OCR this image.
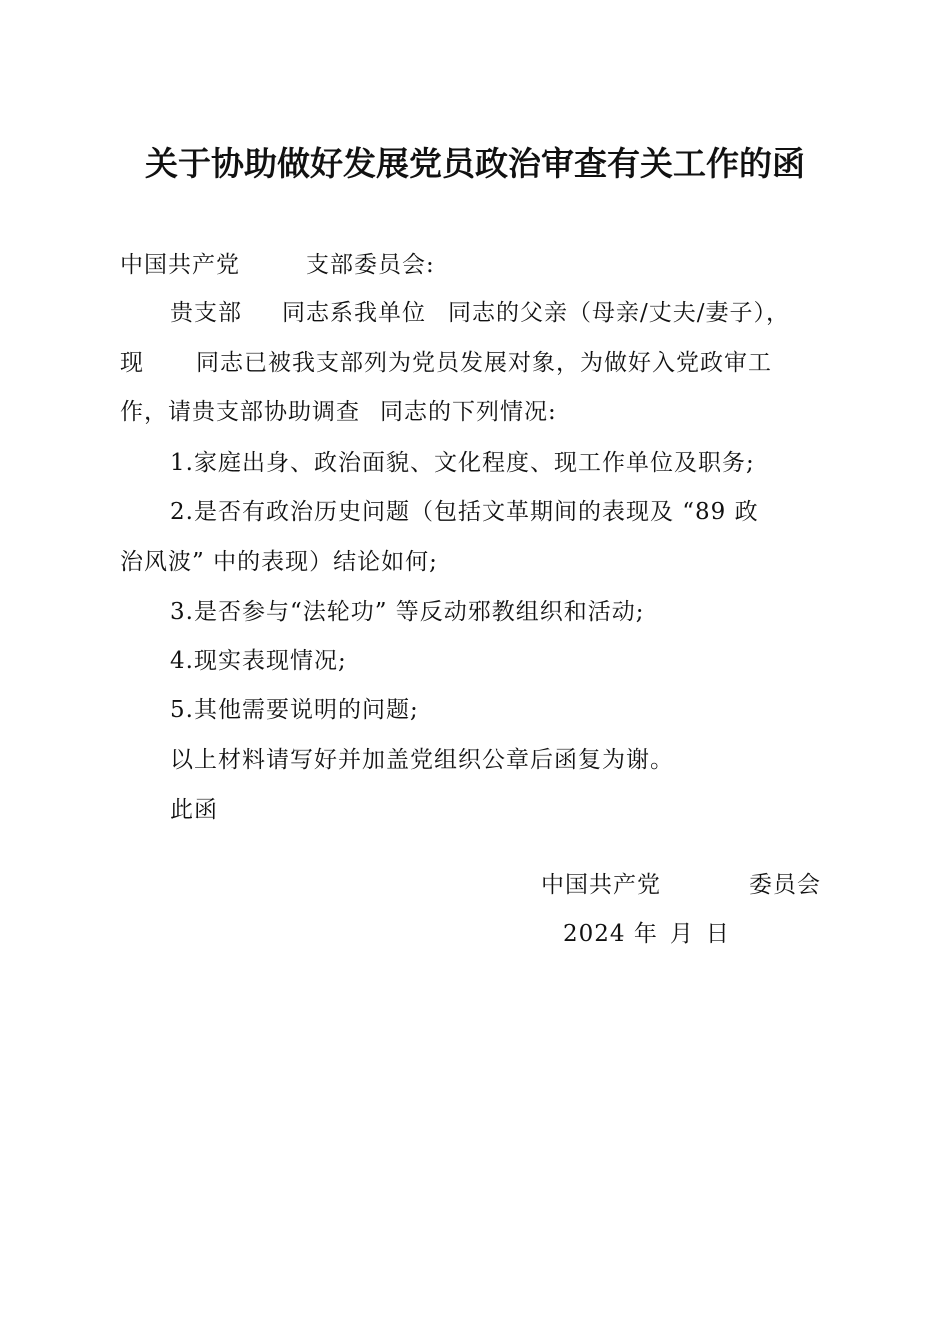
关于协助做好发展党员政治审查有关工作的函
中国共产党	支部委员会:
贵支部 同志系我单位 同志的父亲（母亲/丈夫/妻子），
现 同志已被我支部列为党员发展对象，为做好入党政审工
作，请贵支部协助调查 同志的下列情况:
1.家庭出身、政治面貌、文化程度、现工作单位及职务;
2.是否有政治历史问题（包括文革期间的表现及 “89 政
治风波” 中的表现）结论如何;
3.是否参与“法轮功” 等反动邪教组织和活动;
4.现实表现情况;
5.其他需要说明的问题;
以上材料请写好并加盖党组织公章后函复为谢。
此函
中国共产党	委员会
2024 年 月 日
